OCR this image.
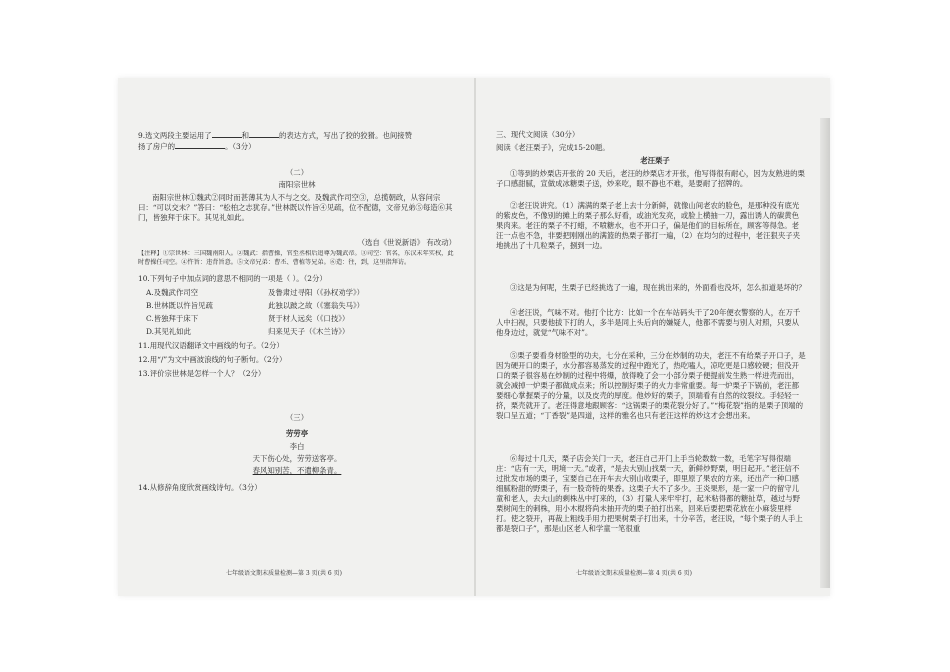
9.选文两段主要运用了	和	的表达方式，写出了狡的狡猾。也间接赞
扬了房户的	。（3分）
（二）
南阳宗世林
南阳宗世林①魏武②同时而甚薄其为人不与之交。及魏武作司空③，总揽朝政，从容问宗曰：“可以交未？”答曰：“松柏之志犹存。”世林既以忤旨④见疏，位不配德，文帝兄弟⑤每造⑥其门，皆独拜于床下。其见礼如此。
（选自《世说新语》 有改动）
【注释】①宗世林：三国魏南阳人。②魏武：指曹操，官至丞相后追尊为魏武帝。③司空：官名，东汉末年实权，此时曹操任司空。④忤旨：违背旨意。⑤文帝兄弟：曹丕、曹植等兄弟。⑥造：往，到，这里指拜访。
10.下列句子中加点词的意思不相同的一项是（ ）。（2分）
A.及魏武作司空	及鲁肃过寻阳（《孙权劝学》）
B.世林既以忤旨见疏	此独以跛之故（《塞翁失马》）
C.皆独拜于床下	贤于材人远矣（《口技》）
D.其见礼如此	归来见天子（《木兰诗》）
11.用现代汉语翻译文中画线的句子。（2分）
12.用“/”为文中画波浪线的句子断句。（2分）
13.评价宗世林是怎样一个人？（2分）
（三）
劳劳亭
李白
天下伤心处，劳劳送客亭。
春风知别苦，不遣柳条青。
14.从修辞角度欣赏画线诗句。（3分）
七年级语文期末质量检测—第 3 页(共 6 页)
三、现代文阅读（30分）
阅读《老汪栗子》，完成15-20题。
老汪栗子
①等到的炒栗店开张的 20 天后，老汪的炒栗店才开张，他写得很有耐心，因为友熟进的栗子口感甜腻，宣做成冰糖栗子送，炒来吃，眼不静也不难，是要耐了招牌的。
②老汪说讲究。（1）满满的栗子老上去十分新鲜，就像山间老农的脸色，是那种没有底光的紫皮色，不像别的摊上的栗子那么好看，或油光发亮，或脸上横抽一刀，露出诱人的碳黄色果肉来。老汪的栗子不打蜡，不喷糖水，也不开口子，偏是他们的目标所在，顾客等得急。老汪一点也不急，非要把刚刚出的满篮的热栗子都打一遍，（2）在均匀的过程中，老汪狠夹子夹地挑出了十几粒栗子，捌到一边。
③这是为何呢，生栗子已经挑选了一遍，现在挑出来的，外面看也没坏，怎么扣道是坏的？
④老汪说，气味不对。他打个比方：比如一个在车站码头干了20年便衣警察的人，在万千人中扫视，只要他拔下打的人，多半是同上头后向的嫌疑人，他都不需要与别人对照，只要从他身边过，就觉“气味不对”。
⑤栗子要看身材脸型的功夫，七分在采种，三分在炒制的功夫，老汪不有给栗子开口子，是因为硬开口的栗子，水分都容易蒸发的过程中跑光了，热吃嗑人，凉吃更是口感较硬；但没开口的栗子很容易在炒制的过程中将爆，放得晚了会一小部分栗子便提前发生熟一样迸壳而出，就会减掉一炉栗子都做成点来；所以控制好栗子的火力非常重要。每一炉栗子下锅前，老汪都要细心掌握栗子的分量，以及皮壳的厚度。他炒好的栗子，顶端看有自然的纹裂纹。手轻轻一挤，栗壳就开了。老汪得意地跟顾客：“这锅栗子的栗花裂分好了。”“梅花裂”指的是栗子顶端的裂口呈五道；“丁香裂”是四道，这样的雅名也只有老汪这样的炒这才会想出来。
⑥每过十几天，栗子店会关门一天，老汪自己开门上手当轮数数一数，毛笔字写得很端庄：“店有一天，明境一天。”或者，“是去大别山找栗一天，新鲜炒野栗，明日起开。”老汪信不过批发市场的栗子，宝要自己在开车去大别山收栗子，即里原了果农的方来，还出产一种口感细腻粉甜的野栗子，有一股奇特的果香。这栗子大不了多少。王炎果形，是一家一户的留守儿童和老人，去大山的剩株丛中打来的，（3）打量人来牢牢打，起米粘得都的糖扯草，越过与野栗树间生的刺株，用小木棍将尚未抽开壳的栗子拍打出来，回来后要把栗花放在小麻袋里样打。使之裂开，再裁上粗线手用力把果树栗子打出来，十分辛苦，老汪说，“每个栗子的人手上都是裂口子”，那是山区老人和学童一笔很重
七年级语文期末质量检测—第 4 页(共 6 页)
